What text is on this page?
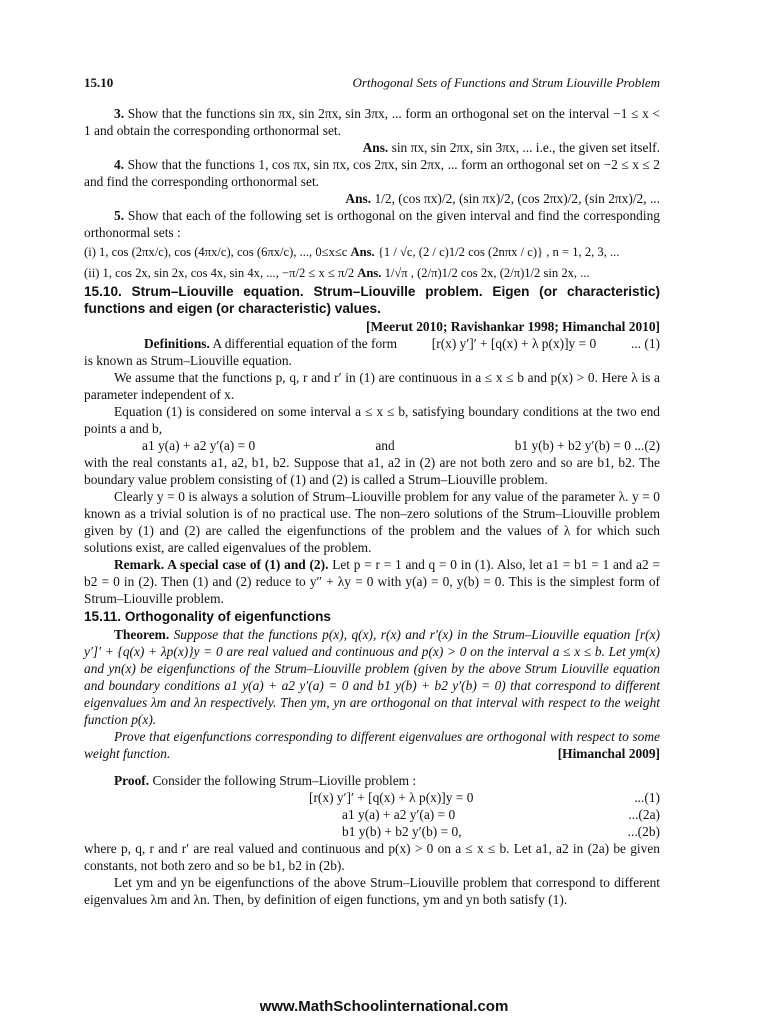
15.10	Orthogonal Sets of Functions and Strum Liouville Problem

3. Show that the functions sin πx, sin 2πx, sin 3πx, ... form an orthogonal set on the interval −1 ≤ x < 1 and obtain the corresponding orthonormal set.

Ans. sin πx, sin 2πx, sin 3πx, ... i.e., the given set itself.

4. Show that the functions 1, cos πx, sin πx, cos 2πx, sin 2πx, ... form an orthogonal set on −2 ≤ x ≤ 2 and find the corresponding orthonormal set.

Ans. 1/2, (cos πx)/2, (sin πx)/2, (cos 2πx)/2, (sin 2πx)/2, ...

5. Show that each of the following set is orthogonal on the given interval and find the corresponding orthonormal sets :

(i) 1, cos (2πx/c), cos (4πx/c), cos (6πx/c), ..., 0≤x≤c Ans. {1 / √c, (2 / c)1/2 cos (2nπx / c)} , n = 1, 2, 3, ...

(ii) 1, cos 2x, sin 2x, cos 4x, sin 4x, ..., −π/2 ≤ x ≤ π/2 Ans. 1/√π , (2/π)1/2 cos 2x, (2/π)1/2 sin 2x, ...

15.10. Strum–Liouville equation. Strum–Liouville problem. Eigen (or characteristic) functions and eigen (or characteristic) values.

[Meerut 2010; Ravishankar 1998; Himanchal 2010]

Definitions. A differential equation of the form	[r(x) y′]′ + [q(x) + λ p(x)]y = 0	... (1)

is known as Strum–Liouville equation.

We assume that the functions p, q, r and r′ in (1) are continuous in a ≤ x ≤ b and p(x) > 0. Here λ is a parameter independent of x.

Equation (1) is considered on some interval a ≤ x ≤ b, satisfying boundary conditions at the two end points a and b,

a1 y(a) + a2 y′(a) = 0	and	b1 y(b) + b2 y′(b) = 0 ...(2)

with the real constants a1, a2, b1, b2. Suppose that a1, a2 in (2) are not both zero and so are b1, b2. The boundary value problem consisting of (1) and (2) is called a Strum–Liouville problem.

Clearly y = 0 is always a solution of Strum–Liouville problem for any value of the parameter λ. y = 0 known as a trivial solution is of no practical use. The non–zero solutions of the Strum–Liouville problem given by (1) and (2) are called the eigenfunctions of the problem and the values of λ for which such solutions exist, are called eigenvalues of the problem.

Remark. A special case of (1) and (2). Let p = r = 1 and q = 0 in (1). Also, let a1 = b1 = 1 and a2 = b2 = 0 in (2). Then (1) and (2) reduce to y″ + λy = 0 with y(a) = 0, y(b) = 0. This is the simplest form of Strum–Liouville problem.

15.11. Orthogonality of eigenfunctions

Theorem. Suppose that the functions p(x), q(x), r(x) and r′(x) in the Strum–Liouville equation [r(x) y′]′ + {q(x) + λp(x)}y = 0 are real valued and continuous and p(x) > 0 on the interval a ≤ x ≤ b. Let ym(x) and yn(x) be eigenfunctions of the Strum–Liouville problem (given by the above Strum Liouville equation and boundary conditions a1 y(a) + a2 y′(a) = 0 and b1 y(b) + b2 y′(b) = 0) that correspond to different eigenvalues λm and λn respectively. Then ym, yn are orthogonal on that interval with respect to the weight function p(x).

Prove that eigenfunctions corresponding to different eigenvalues are orthogonal with respect to some weight function.	[Himanchal 2009]

Proof. Consider the following Strum–Lioville problem :

[r(x) y′]′ + [q(x) + λ p(x)]y = 0	...(1)
a1 y(a) + a2 y′(a) = 0	...(2a)
b1 y(b) + b2 y′(b) = 0,	...(2b)

where p, q, r and r′ are real valued and continuous and p(x) > 0 on a ≤ x ≤ b. Let a1, a2 in (2a) be given constants, not both zero and so be b1, b2 in (2b).

Let ym and yn be eigenfunctions of the above Strum–Liouville problem that correspond to different eigenvalues λm and λn. Then, by definition of eigen functions, ym and yn both satisfy (1).

www.MathSchoolinternational.com
